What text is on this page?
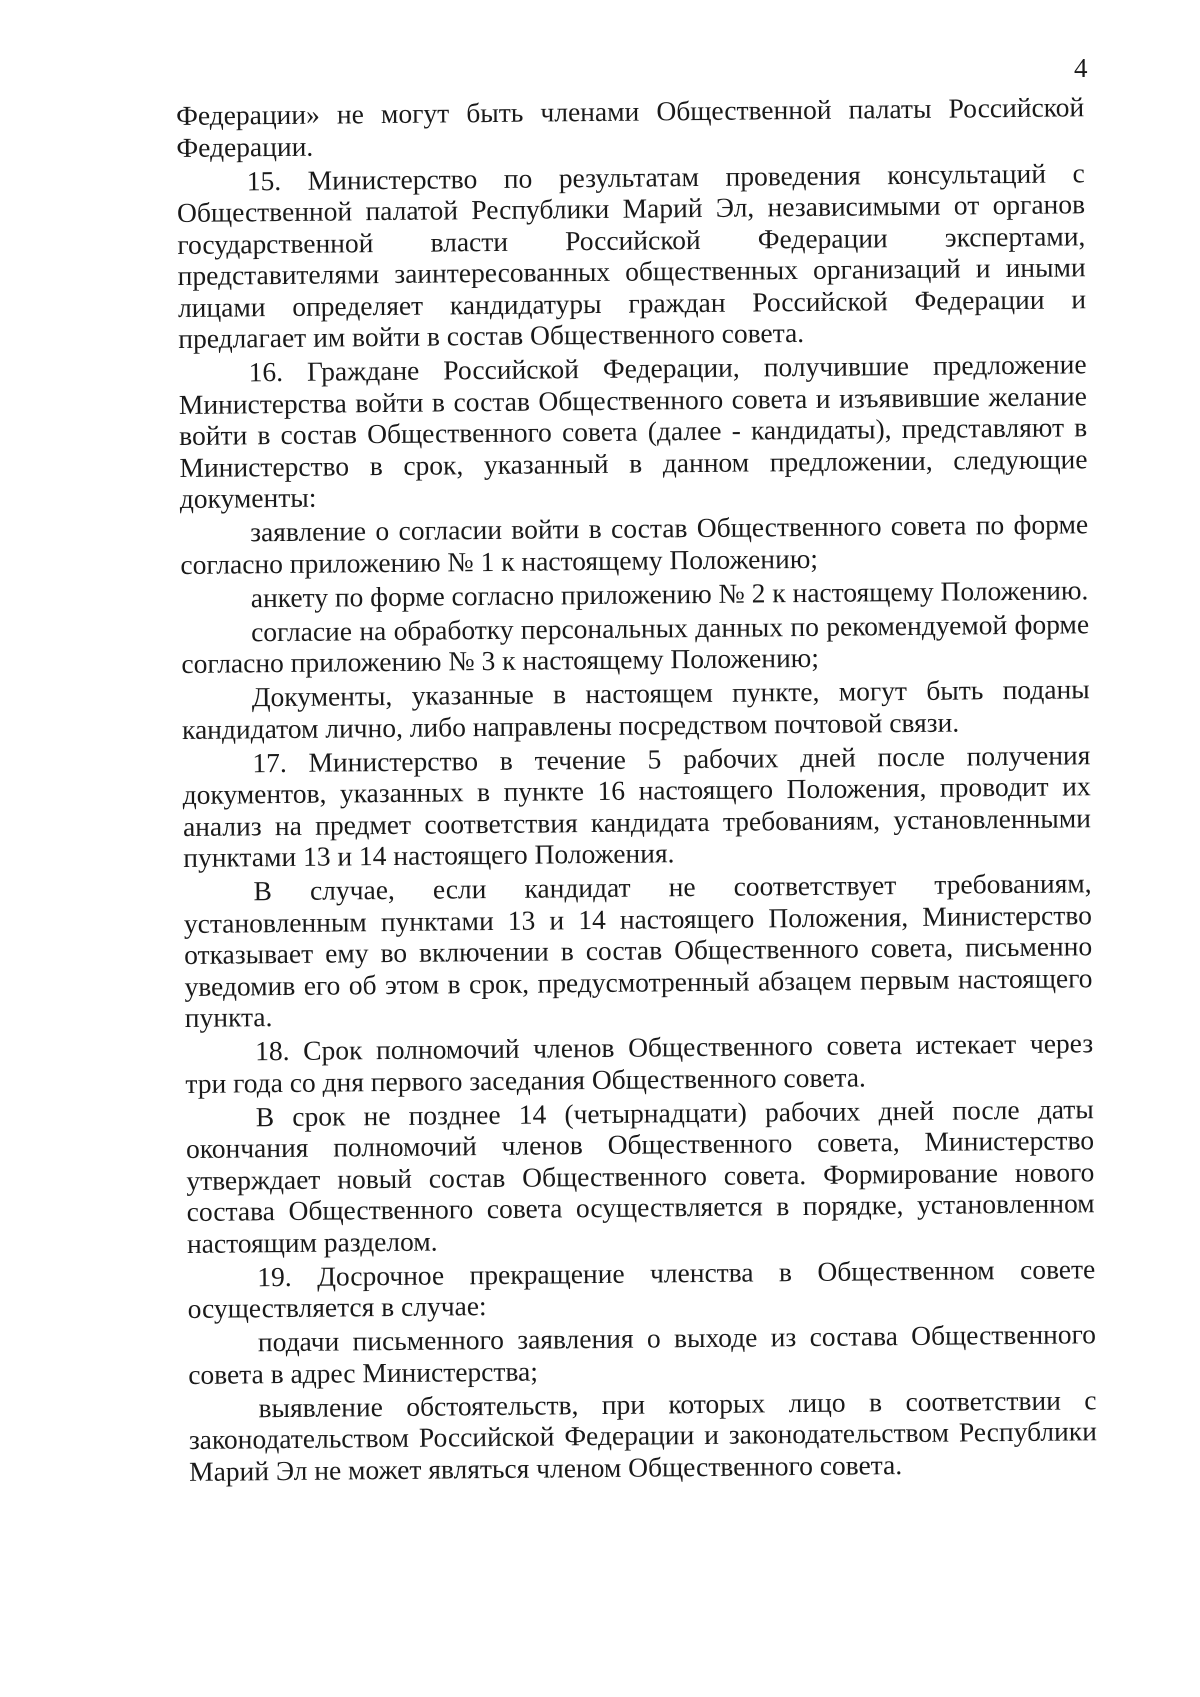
4

Федерации» не могут быть членами Общественной палаты Российской Федерации.

15. Министерство по результатам проведения консультаций с Общественной палатой Республики Марий Эл, независимыми от органов государственной власти Российской Федерации экспертами, представителями заинтересованных общественных организаций и иными лицами определяет кандидатуры граждан Российской Федерации и предлагает им войти в состав Общественного совета.

16. Граждане Российской Федерации, получившие предложение Министерства войти в состав Общественного совета и изъявившие желание войти в состав Общественного совета (далее - кандидаты), представляют в Министерство в срок, указанный в данном предложении, следующие документы:

заявление о согласии войти в состав Общественного совета по форме согласно приложению № 1 к настоящему Положению;

анкету по форме согласно приложению № 2 к настоящему Положению.

согласие на обработку персональных данных по рекомендуемой форме согласно приложению № 3 к настоящему Положению;

Документы, указанные в настоящем пункте, могут быть поданы кандидатом лично, либо направлены посредством почтовой связи.

17. Министерство в течение 5 рабочих дней после получения документов, указанных в пункте 16 настоящего Положения, проводит их анализ на предмет соответствия кандидата требованиям, установленными пунктами 13 и 14 настоящего Положения.

В случае, если кандидат не соответствует требованиям, установленным пунктами 13 и 14 настоящего Положения, Министерство отказывает ему во включении в состав Общественного совета, письменно уведомив его об этом в срок, предусмотренный абзацем первым настоящего пункта.

18. Срок полномочий членов Общественного совета истекает через три года со дня первого заседания Общественного совета.

В срок не позднее 14 (четырнадцати) рабочих дней после даты окончания полномочий членов Общественного совета, Министерство утверждает новый состав Общественного совета. Формирование нового состава Общественного совета осуществляется в порядке, установленном настоящим разделом.

19. Досрочное прекращение членства в Общественном совете осуществляется в случае:

подачи письменного заявления о выходе из состава Общественного совета в адрес Министерства;

выявление обстоятельств, при которых лицо в соответствии с законодательством Российской Федерации и законодательством Республики Марий Эл не может являться членом Общественного совета.
